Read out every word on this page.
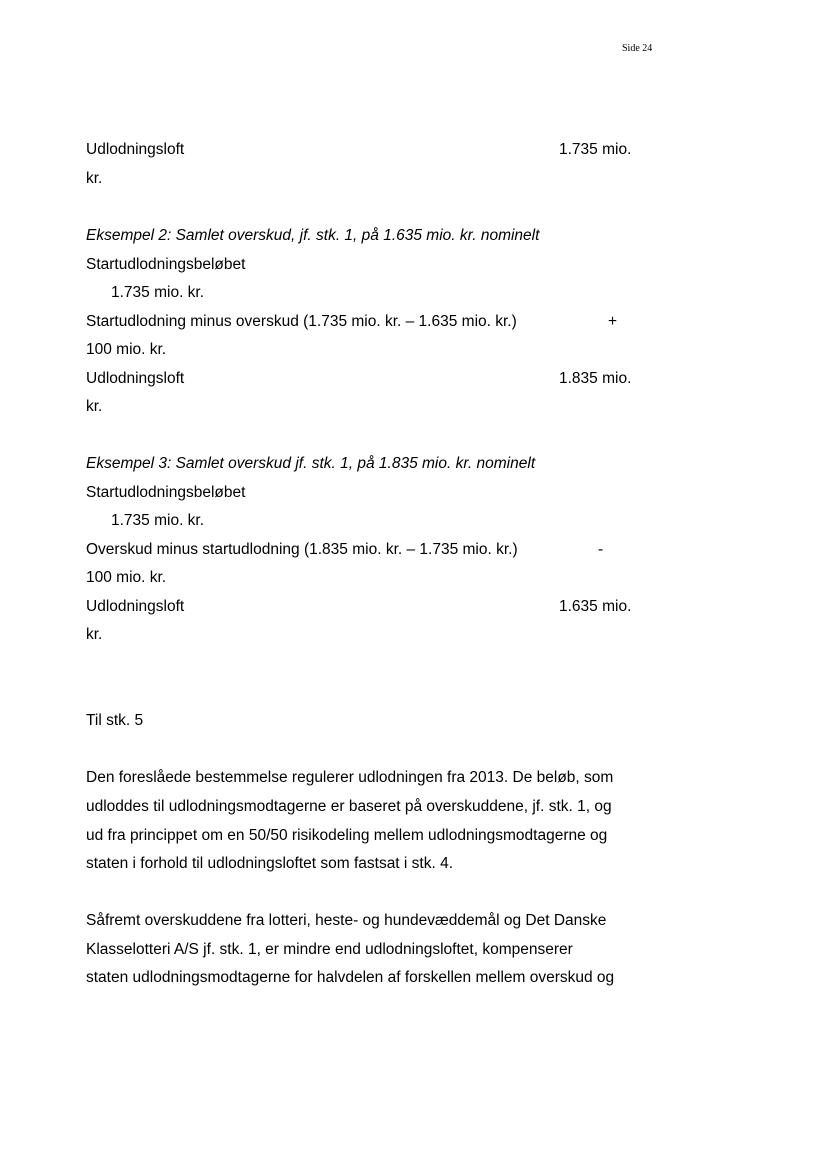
Side 24
Udlodningsloft	1.735 mio.
kr.
Eksempel 2: Samlet overskud, jf. stk. 1, på 1.635 mio. kr. nominelt
Startudlodningsbeløbet
1.735 mio. kr.
Startudlodning minus overskud (1.735 mio. kr. – 1.635 mio. kr.)	+
100 mio. kr.
Udlodningsloft	1.835 mio.
kr.
Eksempel 3: Samlet overskud jf. stk. 1, på 1.835 mio. kr. nominelt
Startudlodningsbeløbet
1.735 mio. kr.
Overskud minus startudlodning (1.835 mio. kr. – 1.735 mio. kr.)	-
100 mio. kr.
Udlodningsloft	1.635 mio.
kr.
Til stk. 5
Den foreslåede bestemmelse regulerer udlodningen fra 2013. De beløb, som
udloddes til udlodningsmodtagerne er baseret på overskuddene, jf. stk. 1, og
ud fra princippet om en 50/50 risikodeling mellem udlodningsmodtagerne og
staten i forhold til udlodningsloftet som fastsat i stk. 4.
Såfremt overskuddene fra lotteri, heste- og hundevæddemål og Det Danske
Klasselotteri A/S jf. stk. 1, er mindre end udlodningsloftet, kompenserer
staten udlodningsmodtagerne for halvdelen af forskellen mellem overskud og
